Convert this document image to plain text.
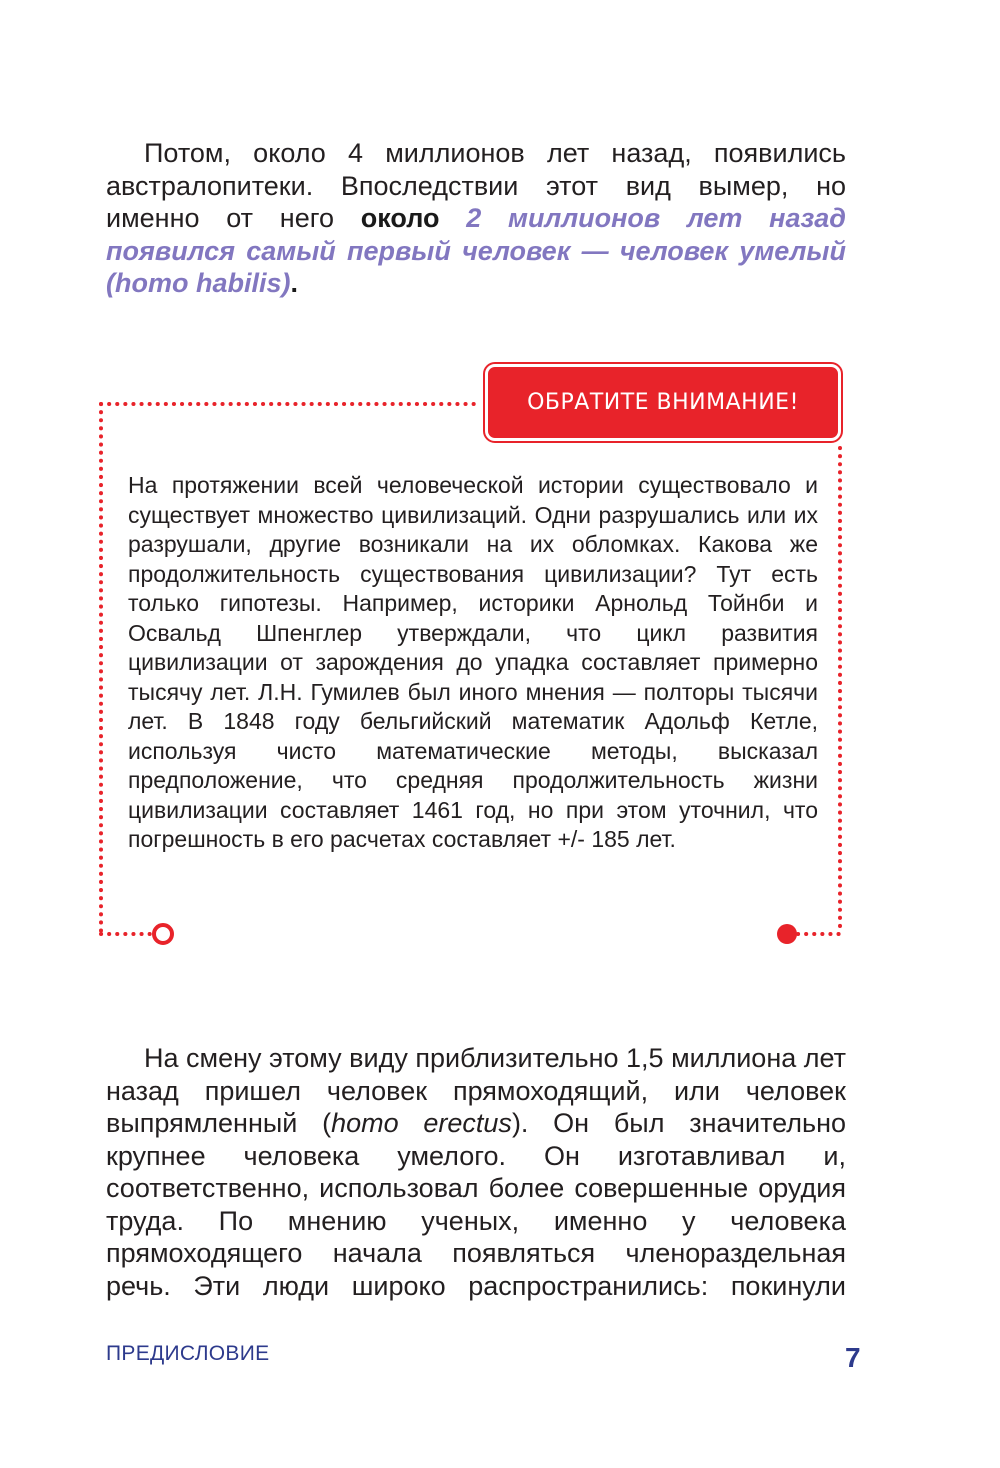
Потом, около 4 миллионов лет назад, появились австралопитеки. Впоследствии этот вид вымер, но именно от него около 2 миллионов лет назад появился самый первый человек — человек умелый (homo habilis).

ОБРАТИТЕ ВНИМАНИЕ!

На протяжении всей человеческой истории существовало и существует множество цивилизаций. Одни разрушались или их разрушали, другие возникали на их обломках. Какова же продолжительность существования цивилизации? Тут есть только гипотезы. Например, историки Арнольд Тойнби и Освальд Шпенглер утверждали, что цикл развития цивилизации от зарождения до упадка составляет примерно тысячу лет. Л.Н. Гумилев был иного мнения — полторы тысячи лет. В 1848 году бельгийский математик Адольф Кетле, используя чисто математические методы, высказал предположение, что средняя продолжительность жизни цивилизации составляет 1461 год, но при этом уточнил, что погрешность в его расчетах составляет +/- 185 лет.

На смену этому виду приблизительно 1,5 миллиона лет назад пришел человек прямоходящий, или человек выпрямленный (homo erectus). Он был значительно крупнее человека умелого. Он изготавливал и, соответственно, использовал более совершенные орудия труда. По мнению ученых, именно у человека прямоходящего начала появляться членораздельная речь. Эти люди широко распространились: покинули

ПРЕДИСЛОВИЕ	7
